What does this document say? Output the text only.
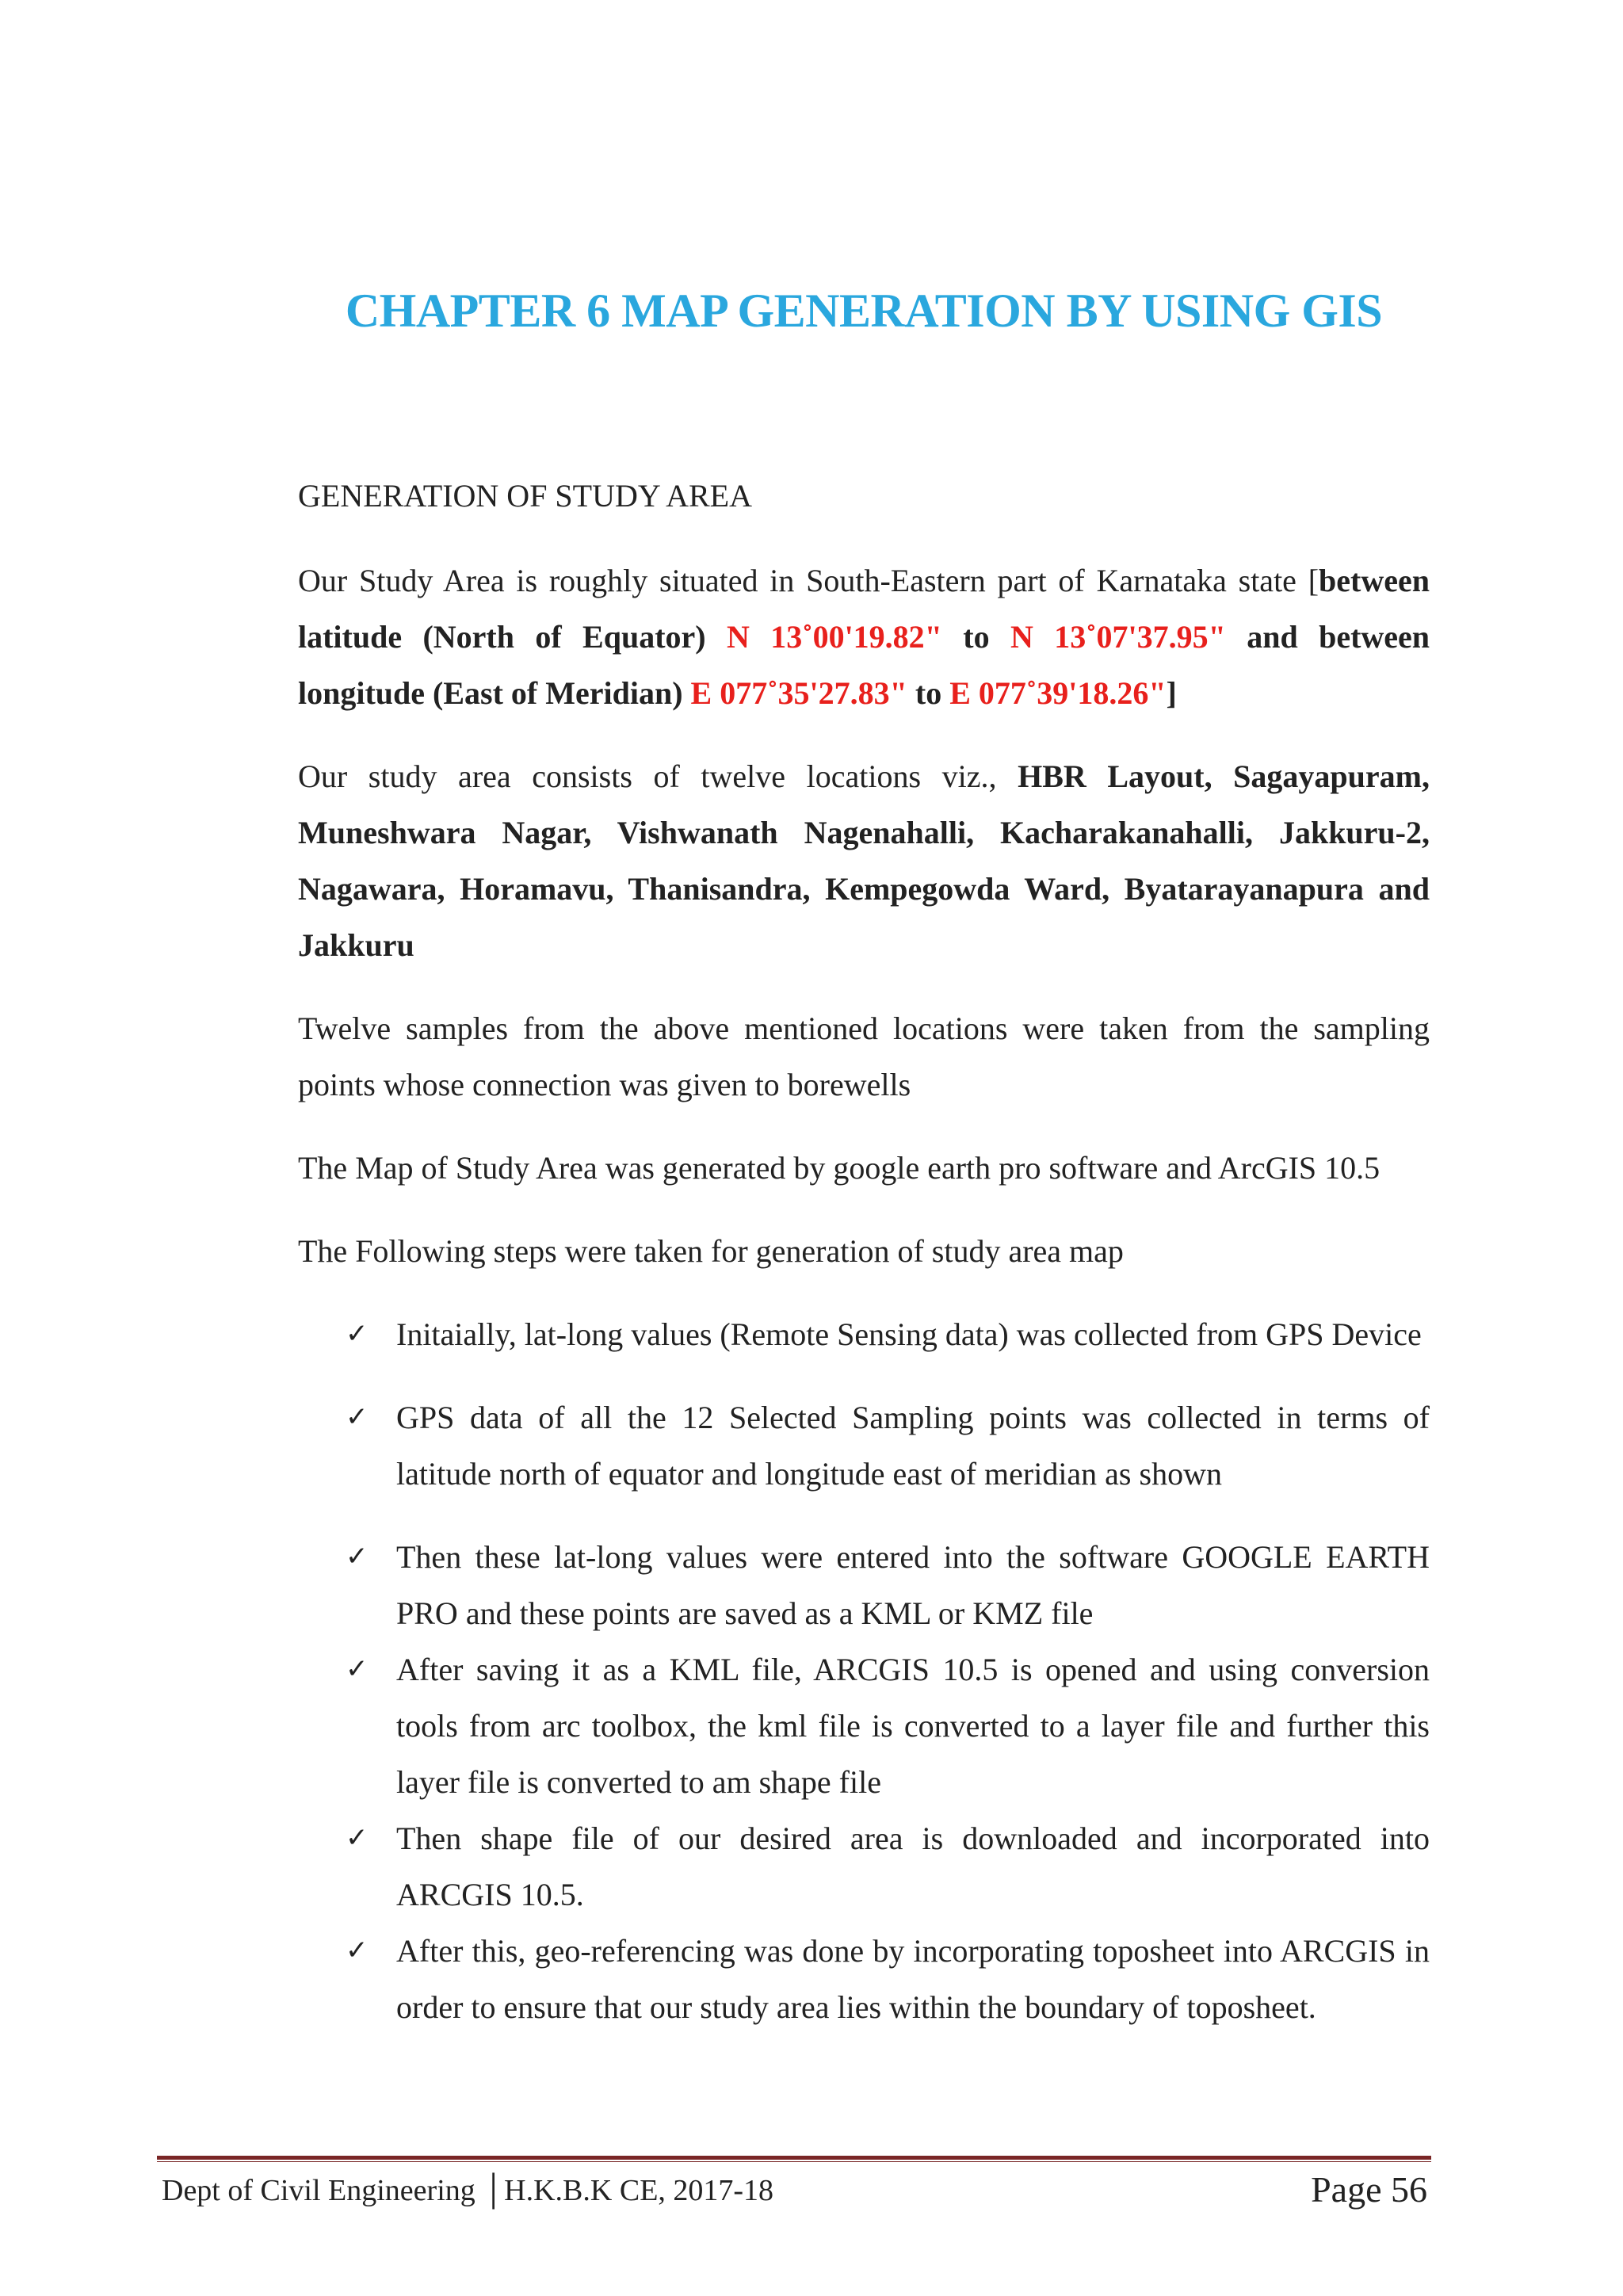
CHAPTER 6 MAP GENERATION BY USING GIS

GENERATION OF STUDY AREA

Our Study Area is roughly situated in South-Eastern part of Karnataka state [between latitude (North of Equator) N 13˚00'19.82" to N 13˚07'37.95" and between longitude (East of Meridian) E 077˚35'27.83" to E 077˚39'18.26"]

Our study area consists of twelve locations viz., HBR Layout, Sagayapuram, Muneshwara Nagar, Vishwanath Nagenahalli, Kacharakanahalli, Jakkuru-2, Nagawara, Horamavu, Thanisandra, Kempegowda Ward, Byatarayanapura and Jakkuru

Twelve samples from the above mentioned locations were taken from the sampling points whose connection was given to borewells

The Map of Study Area was generated by google earth pro software and ArcGIS 10.5

The Following steps were taken for generation of study area map

✓ Initaially, lat-long values (Remote Sensing data) was collected from GPS Device
✓ GPS data of all the 12 Selected Sampling points was collected in terms of latitude north of equator and longitude east of meridian as shown
✓ Then these lat-long values were entered into the software GOOGLE EARTH PRO and these points are saved as a KML or KMZ file
✓ After saving it as a KML file, ARCGIS 10.5 is opened and using conversion tools from arc toolbox, the kml file is converted to a layer file and further this layer file is converted to am shape file
✓ Then shape file of our desired area is downloaded and incorporated into ARCGIS 10.5.
✓ After this, geo-referencing was done by incorporating toposheet into ARCGIS in order to ensure that our study area lies within the boundary of toposheet.
Dept of Civil Engineering │H.K.B.K CE, 2017-18	Page 56
